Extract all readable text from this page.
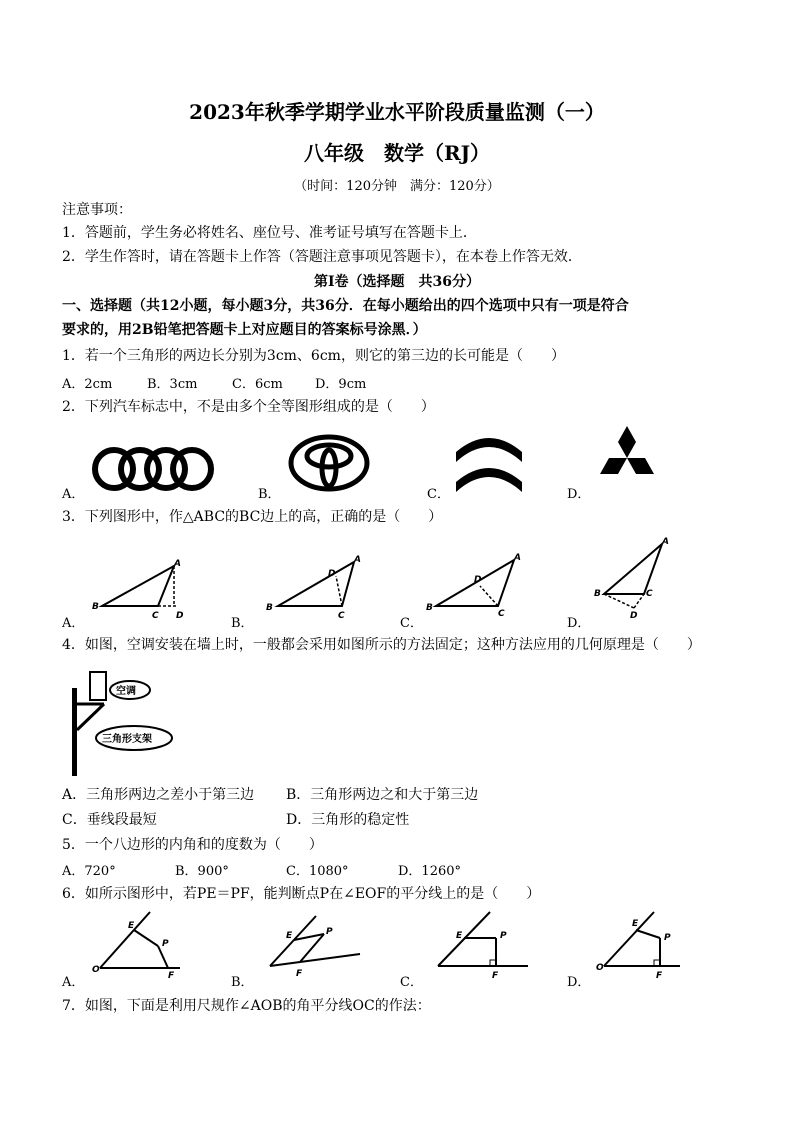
2023年秋季学期学业水平阶段质量监测（一）
八年级　数学（RJ）
（时间：120分钟　满分：120分）
注意事项：
1．答题前，学生务必将姓名、座位号、准考证号填写在答题卡上．
2．学生作答时，请在答题卡上作答（答题注意事项见答题卡），在本卷上作答无效．
第Ⅰ卷（选择题　共36分）
一、选择题（共12小题，每小题3分，共36分．在每小题给出的四个选项中只有一项是符合
要求的，用2B铅笔把答题卡上对应题目的答案标号涂黑．）
1．若一个三角形的两边长分别为3cm、6cm，则它的第三边的长可能是（　　）
A．2cm	B．3cm	C．6cm D．9cm
2．下列汽车标志中，不是由多个全等图形组成的是（　　）
A．	B．	C．	D．
3．下列图形中，作△ABC的BC边上的高，正确的是（　　）
A．	B．	C．	D．
B
A
C D
B
A
D
C
B
A
D
C
B
A
C
D
4．如图，空调安装在墙上时，一般都会采用如图所示的方法固定；这种方法应用的几何原理是（　　）
空调
三角形支架
A．三角形两边之差小于第三边 B．三角形两边之和大于第三边
C．垂线段最短	D．三角形的稳定性
5．一个八边形的内角和的度数为（　　）
A．720°	B．900°	C．1080°	D．1260°
6．如所示图形中，若PE＝PF，能判断点P在∠EOF的平分线上的是（　　）
A．	B．	C．	D．
O
E
P
F
E	P
F
E	P
F
O
E
P
F
7．如图，下面是利用尺规作∠AOB的角平分线OC的作法：
